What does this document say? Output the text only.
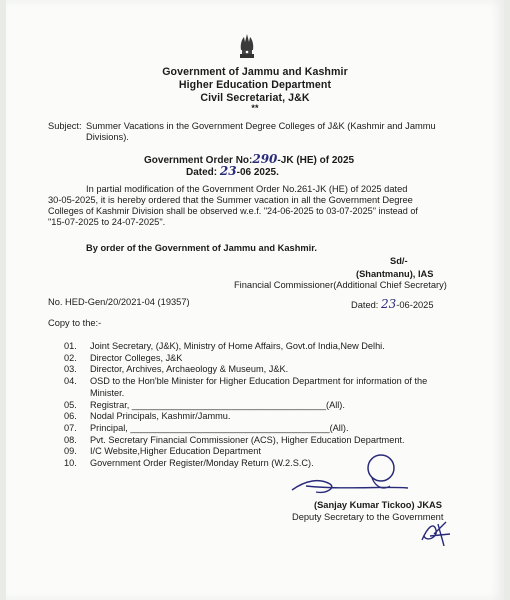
Government of Jammu and Kashmir
Higher Education Department
Civil Secretariat, J&K
**
Subject: Summer Vacations in the Government Degree Colleges of J&K (Kashmir and Jammu
Divisions).
Government Order No:290-JK (HE) of 2025
Dated: 23-06 2025.
In partial modification of the Government Order No.261-JK (HE) of 2025 dated
30-05-2025, it is hereby ordered that the Summer vacation in all the Government Degree
Colleges of Kashmir Division shall be observed w.e.f. "24-06-2025 to 03-07-2025" instead of
"15-07-2025 to 24-07-2025".
By order of the Government of Jammu and Kashmir.
Sd/-
(Shantmanu), IAS
Financial Commissioner(Additional Chief Secretary)
No. HED-Gen/20/2021-04 (19357)	Dated: 23-06-2025
Copy to the:-
01.	Joint Secretary, (J&K), Ministry of Home Affairs, Govt.of India,New Delhi.
02.	Director Colleges, J&K
03.	Director, Archives, Archaeology & Museum, J&K.
04.	OSD to the Hon'ble Minister for Higher Education Department for information of the
Minister.
05.	Registrar, ______________________________________(All).
06.	Nodal Principals, Kashmir/Jammu.
07.	Principal, _______________________________________(All).
08.	Pvt. Secretary Financial Commissioner (ACS), Higher Education Department.
09.	I/C Website,Higher Education Department
10.	Government Order Register/Monday Return (W.2.S.C).
(Sanjay Kumar Tickoo) JKAS
Deputy Secretary to the Government
